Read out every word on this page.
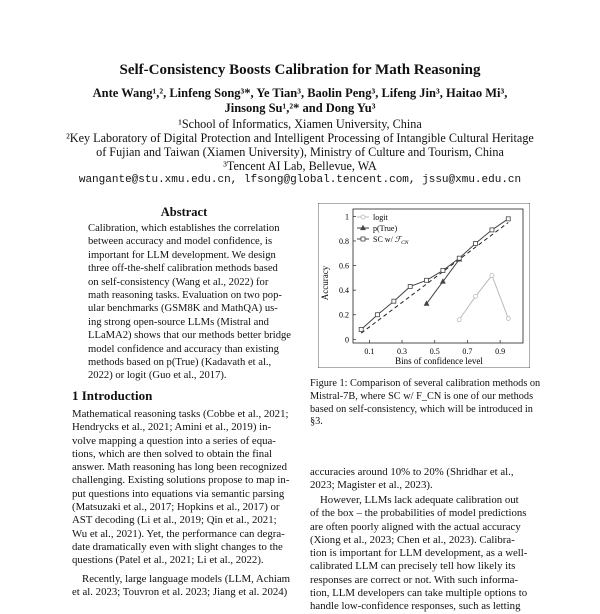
Self-Consistency Boosts Calibration for Math Reasoning
Ante Wang¹,², Linfeng Song³*, Ye Tian³, Baolin Peng³, Lifeng Jin³, Haitao Mi³,
Jinsong Su¹,²* and Dong Yu³
¹School of Informatics, Xiamen University, China
²Key Laboratory of Digital Protection and Intelligent Processing of Intangible Cultural Heritage
of Fujian and Taiwan (Xiamen University), Ministry of Culture and Tourism, China
³Tencent AI Lab, Bellevue, WA
wangante@stu.xmu.edu.cn, lfsong@global.tencent.com, jssu@xmu.edu.cn
Abstract
Calibration, which establishes the correlation
between accuracy and model confidence, is
important for LLM development. We design
three off-the-shelf calibration methods based
on self-consistency (Wang et al., 2022) for
math reasoning tasks. Evaluation on two pop-
ular benchmarks (GSM8K and MathQA) us-
ing strong open-source LLMs (Mistral and
LLaMA2) shows that our methods better bridge
model confidence and accuracy than existing
methods based on p(True) (Kadavath et al.,
2022) or logit (Guo et al., 2017).
1 Introduction
Mathematical reasoning tasks (Cobbe et al., 2021;
Hendrycks et al., 2021; Amini et al., 2019) in-
volve mapping a question into a series of equa-
tions, which are then solved to obtain the final
answer. Math reasoning has long been recognized
challenging. Existing solutions propose to map in-
put questions into equations via semantic parsing
(Matsuzaki et al., 2017; Hopkins et al., 2017) or
AST decoding (Li et al., 2019; Qin et al., 2021;
Wu et al., 2021). Yet, the performance can degra-
date dramatically even with slight changes to the
questions (Patel et al., 2021; Li et al., 2022).
Recently, large language models (LLM, Achiam
et al. 2023; Touvron et al. 2023; Jiang et al. 2024)
0
0.2
0.4
0.6
0.8
1
0.1	0.3	0.5	0.7	0.9
logit
p(True)
SC w/ ℱ$_{CN}$
Accuracy
Bins of confidence level
Figure 1: Comparison of several calibration methods on
Mistral-7B, where SC w/ F_CN is one of our methods
based on self-consistency, which will be introduced in
§3.
accuracies around 10% to 20% (Shridhar et al.,
2023; Magister et al., 2023).
However, LLMs lack adequate calibration out
of the box – the probabilities of model predictions
are often poorly aligned with the actual accuracy
(Xiong et al., 2023; Chen et al., 2023). Calibra-
tion is important for LLM development, as a well-
calibrated LLM can precisely tell how likely its
responses are correct or not. With such informa-
tion, LLM developers can take multiple options to
handle low-confidence responses, such as letting
